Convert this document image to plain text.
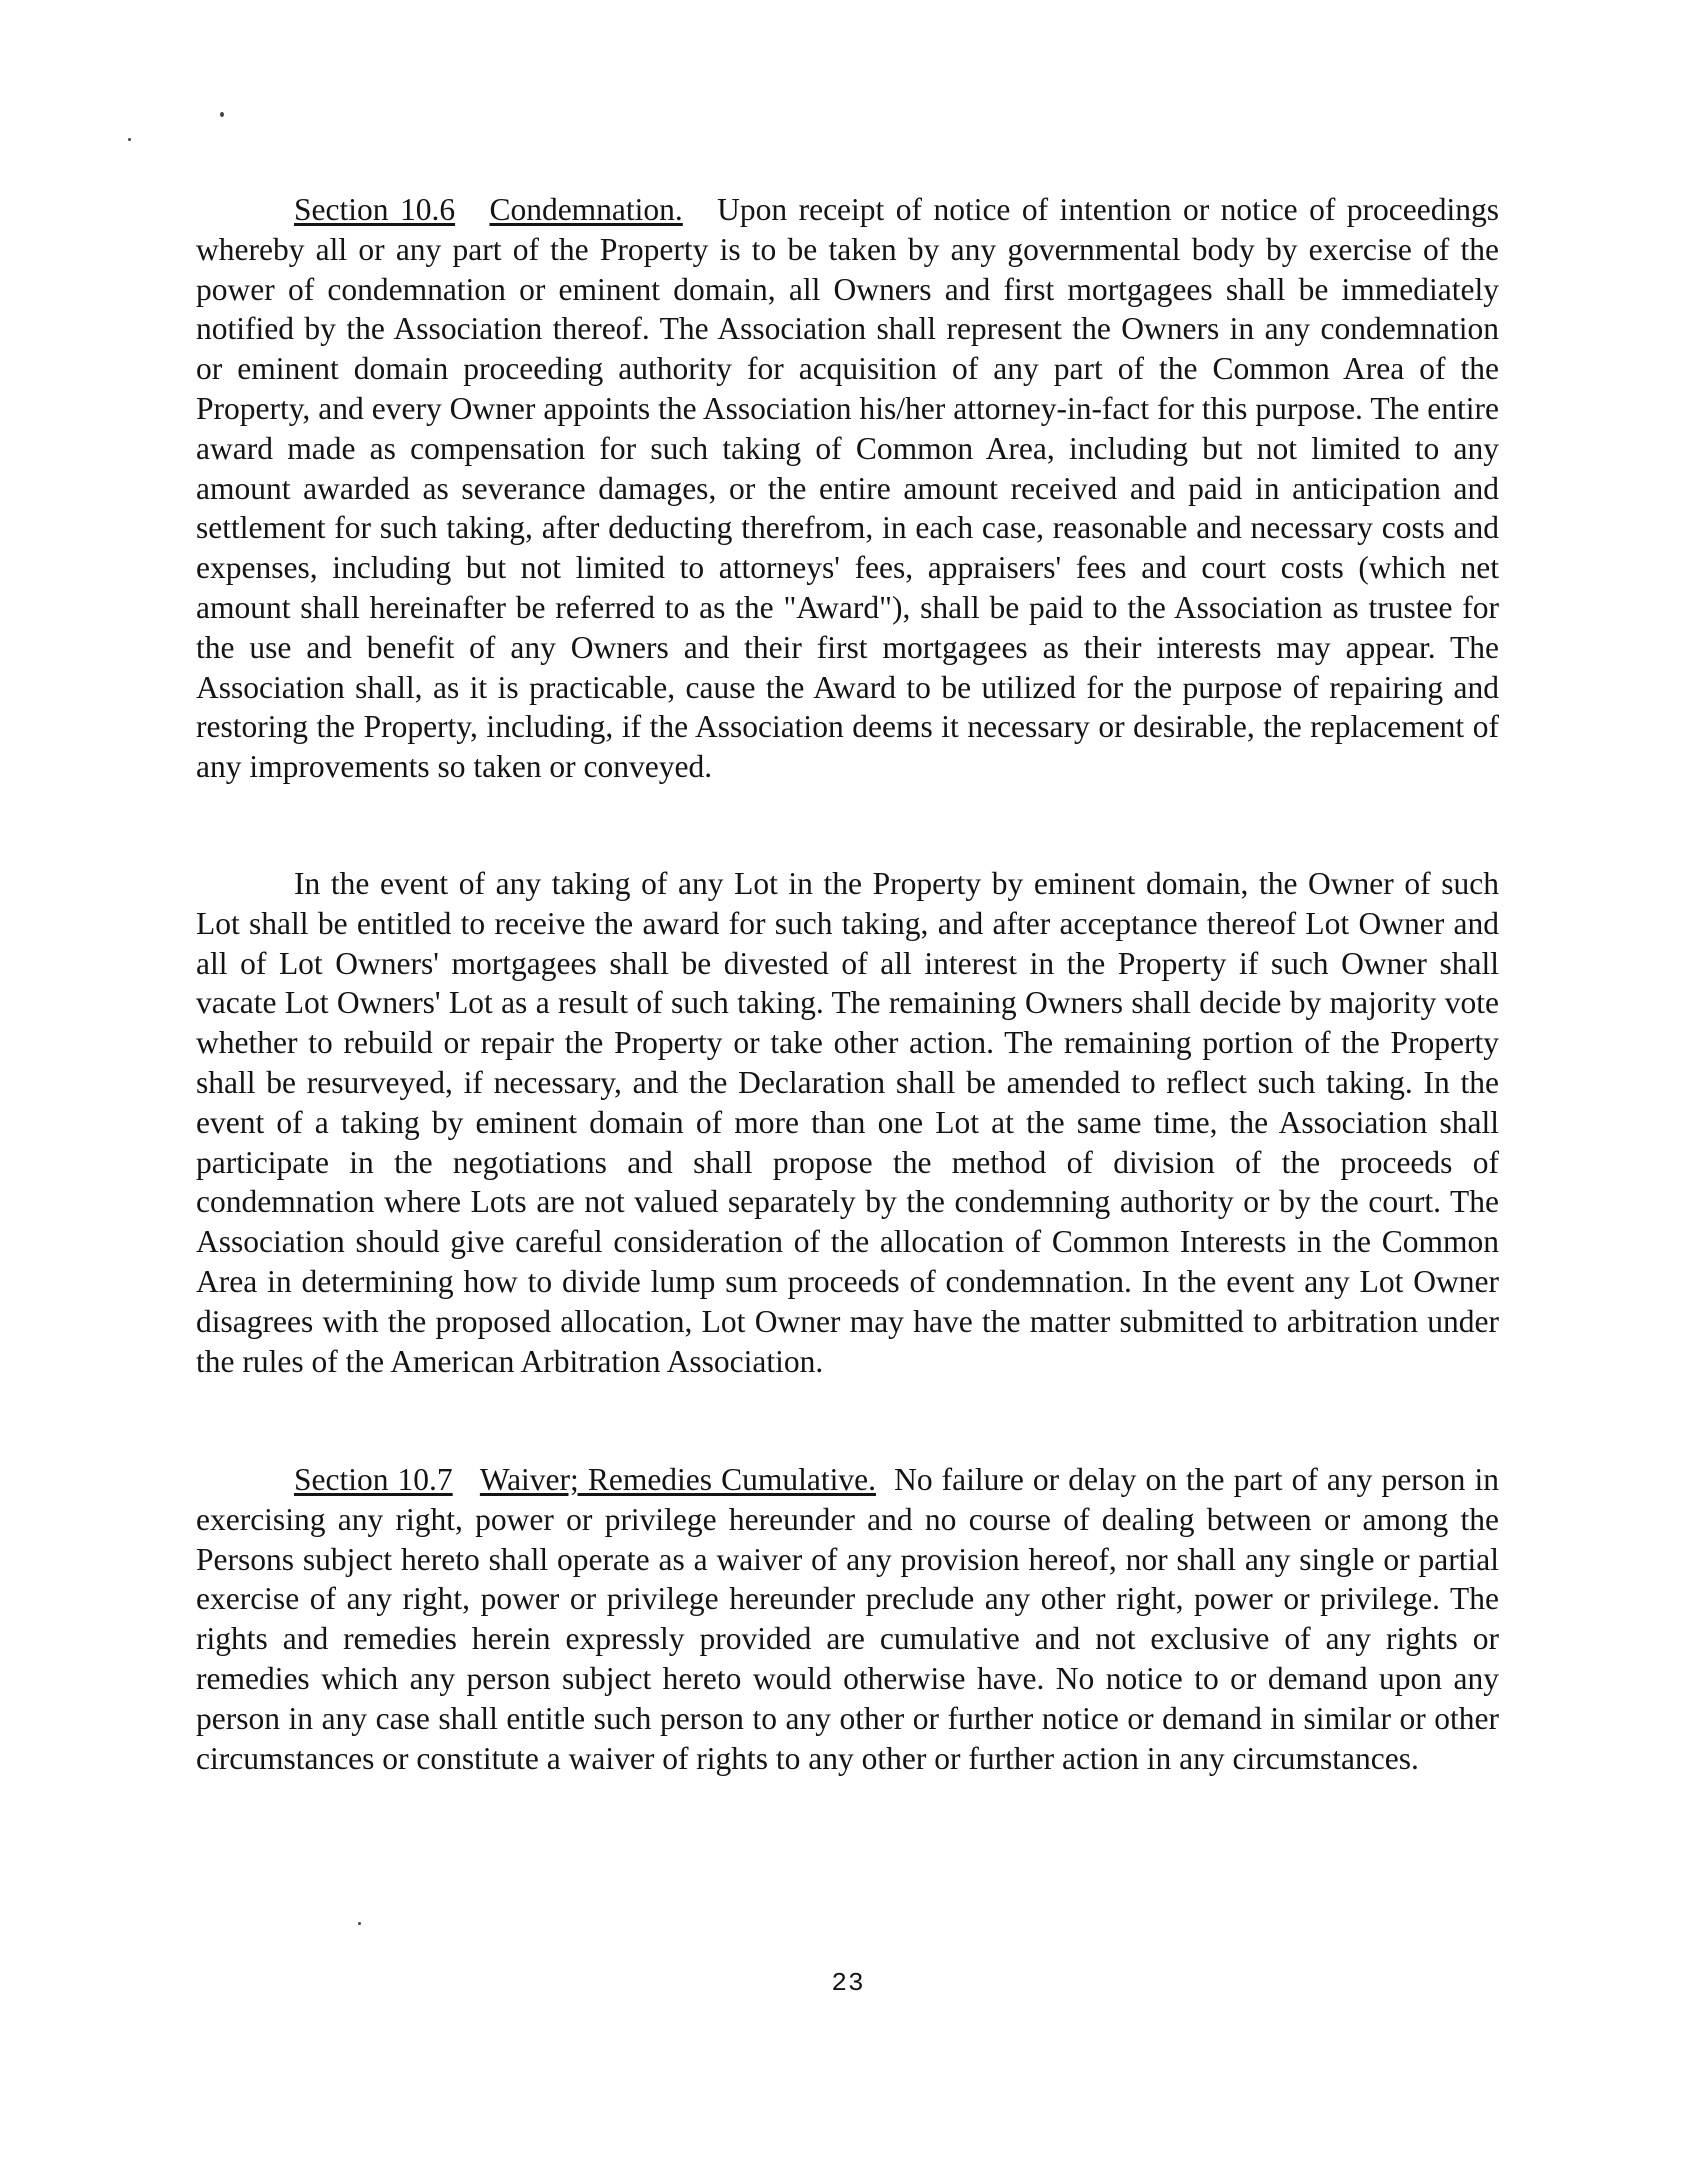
Section 10.6 Condemnation. Upon receipt of notice of intention or notice of proceedings whereby all or any part of the Property is to be taken by any governmental body by exercise of the power of condemnation or eminent domain, all Owners and first mortgagees shall be immediately notified by the Association thereof. The Association shall represent the Owners in any condemnation or eminent domain proceeding authority for acquisition of any part of the Common Area of the Property, and every Owner appoints the Association his/her attorney-in-fact for this purpose. The entire award made as compensation for such taking of Common Area, including but not limited to any amount awarded as severance damages, or the entire amount received and paid in anticipation and settlement for such taking, after deducting therefrom, in each case, reasonable and necessary costs and expenses, including but not limited to attorneys' fees, appraisers' fees and court costs (which net amount shall hereinafter be referred to as the "Award"), shall be paid to the Association as trustee for the use and benefit of any Owners and their first mortgagees as their interests may appear. The Association shall, as it is practicable, cause the Award to be utilized for the purpose of repairing and restoring the Property, including, if the Association deems it necessary or desirable, the replacement of any improvements so taken or conveyed.

In the event of any taking of any Lot in the Property by eminent domain, the Owner of such Lot shall be entitled to receive the award for such taking, and after acceptance thereof Lot Owner and all of Lot Owners' mortgagees shall be divested of all interest in the Property if such Owner shall vacate Lot Owners' Lot as a result of such taking. The remaining Owners shall decide by majority vote whether to rebuild or repair the Property or take other action. The remaining portion of the Property shall be resurveyed, if necessary, and the Declaration shall be amended to reflect such taking. In the event of a taking by eminent domain of more than one Lot at the same time, the Association shall participate in the negotiations and shall propose the method of division of the proceeds of condemnation where Lots are not valued separately by the condemning authority or by the court. The Association should give careful consideration of the allocation of Common Interests in the Common Area in determining how to divide lump sum proceeds of condemnation. In the event any Lot Owner disagrees with the proposed allocation, Lot Owner may have the matter submitted to arbitration under the rules of the American Arbitration Association.

Section 10.7 Waiver; Remedies Cumulative. No failure or delay on the part of any person in exercising any right, power or privilege hereunder and no course of dealing between or among the Persons subject hereto shall operate as a waiver of any provision hereof, nor shall any single or partial exercise of any right, power or privilege hereunder preclude any other right, power or privilege. The rights and remedies herein expressly provided are cumulative and not exclusive of any rights or remedies which any person subject hereto would otherwise have. No notice to or demand upon any person in any case shall entitle such person to any other or further notice or demand in similar or other circumstances or constitute a waiver of rights to any other or further action in any circumstances.

23
